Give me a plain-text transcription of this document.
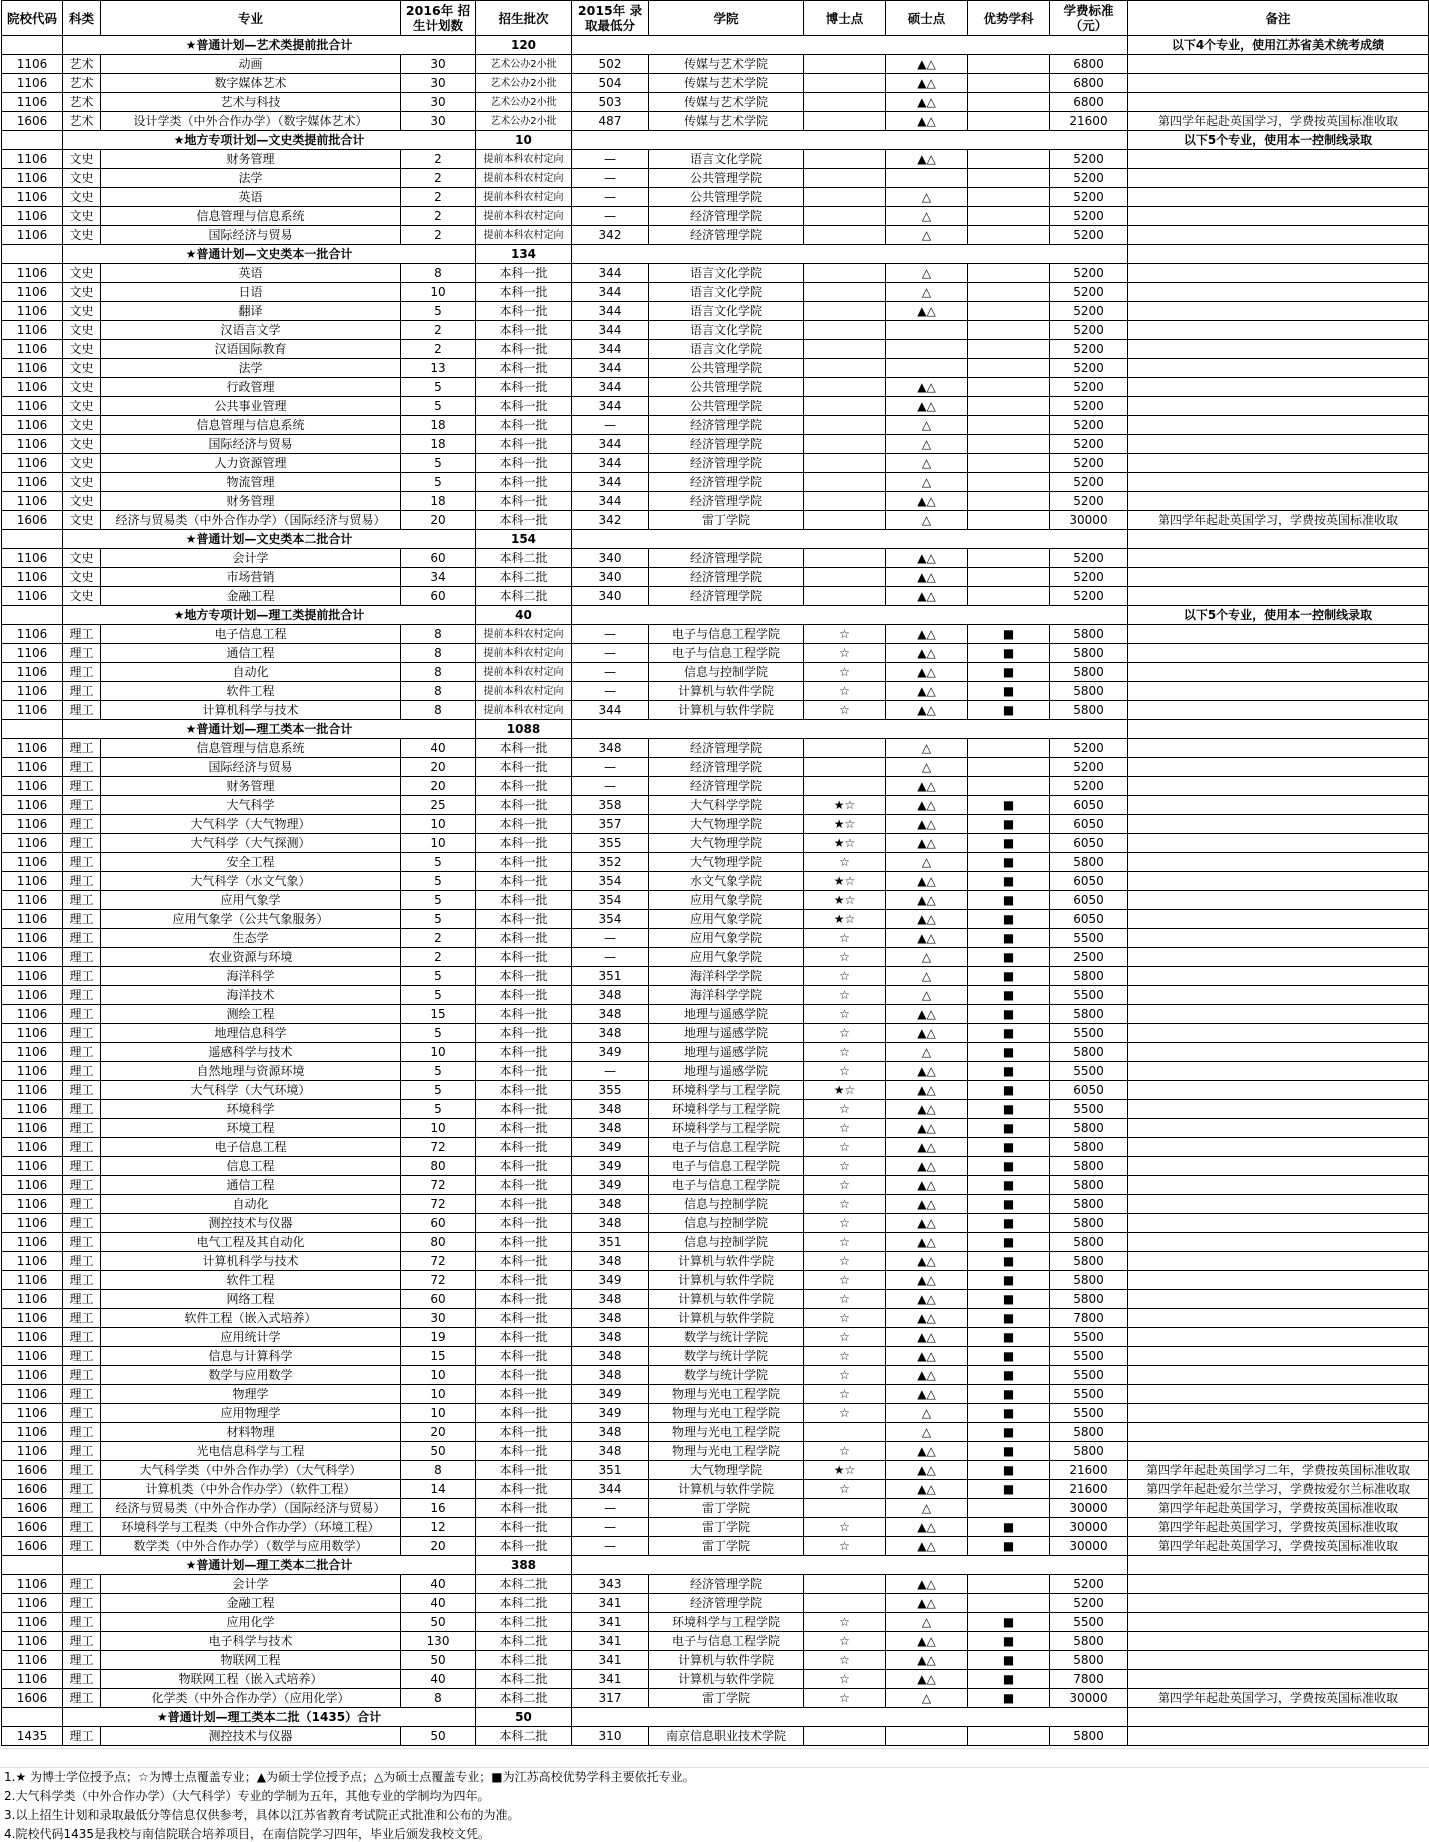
院校代码	科类	专业	2016年 招生计划数	招生批次	2015年 录取最低分	学院	博士点	硕士点	优势学科	学费标准 （元）	备注
	★普通计划—艺术类提前批合计			120							以下4个专业，使用江苏省美术统考成绩
1106	艺术	动画	30	艺术公办2小批	502	传媒与艺术学院		▲△		6800	
1106	艺术	数字媒体艺术	30	艺术公办2小批	504	传媒与艺术学院		▲△		6800	
1106	艺术	艺术与科技	30	艺术公办2小批	503	传媒与艺术学院		▲△		6800	
1606	艺术	设计学类（中外合作办学）（数字媒体艺术）	30	艺术公办2小批	487	传媒与艺术学院		▲△		21600	第四学年起赴英国学习，学费按英国标准收取
	★地方专项计划—文史类提前批合计			10							以下5个专业，使用本一控制线录取
1106	文史	财务管理	2	提前本科农村定向	—	语言文化学院		▲△		5200	
1106	文史	法学	2	提前本科农村定向	—	公共管理学院				5200	
1106	文史	英语	2	提前本科农村定向	—	公共管理学院		△		5200	
1106	文史	信息管理与信息系统	2	提前本科农村定向	—	经济管理学院		△		5200	
1106	文史	国际经济与贸易	2	提前本科农村定向	342	经济管理学院		△		5200	
	★普通计划—文史类本一批合计			134							
1106	文史	英语	8	本科一批	344	语言文化学院		△		5200	
1106	文史	日语	10	本科一批	344	语言文化学院		△		5200	
1106	文史	翻译	5	本科一批	344	语言文化学院		▲△		5200	
1106	文史	汉语言文学	2	本科一批	344	语言文化学院				5200	
1106	文史	汉语国际教育	2	本科一批	344	语言文化学院				5200	
1106	文史	法学	13	本科一批	344	公共管理学院				5200	
1106	文史	行政管理	5	本科一批	344	公共管理学院		▲△		5200	
1106	文史	公共事业管理	5	本科一批	344	公共管理学院		▲△		5200	
1106	文史	信息管理与信息系统	18	本科一批	—	经济管理学院		△		5200	
1106	文史	国际经济与贸易	18	本科一批	344	经济管理学院		△		5200	
1106	文史	人力资源管理	5	本科一批	344	经济管理学院		△		5200	
1106	文史	物流管理	5	本科一批	344	经济管理学院		△		5200	
1106	文史	财务管理	18	本科一批	344	经济管理学院		▲△		5200	
1606	文史	经济与贸易类（中外合作办学）（国际经济与贸易）	20	本科一批	342	雷丁学院		△		30000	第四学年起赴英国学习，学费按英国标准收取
	★普通计划—文史类本二批合计			154							
1106	文史	会计学	60	本科二批	340	经济管理学院		▲△		5200	
1106	文史	市场营销	34	本科二批	340	经济管理学院		▲△		5200	
1106	文史	金融工程	60	本科二批	340	经济管理学院		▲△		5200	
	★地方专项计划—理工类提前批合计			40							以下5个专业，使用本一控制线录取
1106	理工	电子信息工程	8	提前本科农村定向	—	电子与信息工程学院	☆	▲△	■	5800	
1106	理工	通信工程	8	提前本科农村定向	—	电子与信息工程学院	☆	▲△	■	5800	
1106	理工	自动化	8	提前本科农村定向	—	信息与控制学院	☆	▲△	■	5800	
1106	理工	软件工程	8	提前本科农村定向	—	计算机与软件学院	☆	▲△	■	5800	
1106	理工	计算机科学与技术	8	提前本科农村定向	344	计算机与软件学院	☆	▲△	■	5800	
	★普通计划—理工类本一批合计			1088							
1106	理工	信息管理与信息系统	40	本科一批	348	经济管理学院		△		5200	
1106	理工	国际经济与贸易	20	本科一批	—	经济管理学院		△		5200	
1106	理工	财务管理	20	本科一批	—	经济管理学院		▲△		5200	
1106	理工	大气科学	25	本科一批	358	大气科学学院	★☆	▲△	■	6050	
1106	理工	大气科学（大气物理）	10	本科一批	357	大气物理学院	★☆	▲△	■	6050	
1106	理工	大气科学（大气探测）	10	本科一批	355	大气物理学院	★☆	▲△	■	6050	
1106	理工	安全工程	5	本科一批	352	大气物理学院	☆	△	■	5800	
1106	理工	大气科学（水文气象）	5	本科一批	354	水文气象学院	★☆	▲△	■	6050	
1106	理工	应用气象学	5	本科一批	354	应用气象学院	★☆	▲△	■	6050	
1106	理工	应用气象学（公共气象服务）	5	本科一批	354	应用气象学院	★☆	▲△	■	6050	
1106	理工	生态学	2	本科一批	—	应用气象学院	☆	▲△	■	5500	
1106	理工	农业资源与环境	2	本科一批	—	应用气象学院	☆	△	■	2500	
1106	理工	海洋科学	5	本科一批	351	海洋科学学院	☆	△	■	5800	
1106	理工	海洋技术	5	本科一批	348	海洋科学学院	☆	△	■	5500	
1106	理工	测绘工程	15	本科一批	348	地理与遥感学院	☆	▲△	■	5800	
1106	理工	地理信息科学	5	本科一批	348	地理与遥感学院	☆	▲△	■	5500	
1106	理工	遥感科学与技术	10	本科一批	349	地理与遥感学院	☆	△	■	5800	
1106	理工	自然地理与资源环境	5	本科一批	—	地理与遥感学院	☆	▲△	■	5500	
1106	理工	大气科学（大气环境）	5	本科一批	355	环境科学与工程学院	★☆	▲△	■	6050	
1106	理工	环境科学	5	本科一批	348	环境科学与工程学院	☆	▲△	■	5500	
1106	理工	环境工程	10	本科一批	348	环境科学与工程学院	☆	▲△	■	5800	
1106	理工	电子信息工程	72	本科一批	349	电子与信息工程学院	☆	▲△	■	5800	
1106	理工	信息工程	80	本科一批	349	电子与信息工程学院	☆	▲△	■	5800	
1106	理工	通信工程	72	本科一批	349	电子与信息工程学院	☆	▲△	■	5800	
1106	理工	自动化	72	本科一批	348	信息与控制学院	☆	▲△	■	5800	
1106	理工	测控技术与仪器	60	本科一批	348	信息与控制学院	☆	▲△	■	5800	
1106	理工	电气工程及其自动化	80	本科一批	351	信息与控制学院	☆	▲△	■	5800	
1106	理工	计算机科学与技术	72	本科一批	348	计算机与软件学院	☆	▲△	■	5800	
1106	理工	软件工程	72	本科一批	349	计算机与软件学院	☆	▲△	■	5800	
1106	理工	网络工程	60	本科一批	348	计算机与软件学院	☆	▲△	■	5800	
1106	理工	软件工程（嵌入式培养）	30	本科一批	348	计算机与软件学院	☆	▲△	■	7800	
1106	理工	应用统计学	19	本科一批	348	数学与统计学院	☆	▲△	■	5500	
1106	理工	信息与计算科学	15	本科一批	348	数学与统计学院	☆	▲△	■	5500	
1106	理工	数学与应用数学	10	本科一批	348	数学与统计学院	☆	▲△	■	5500	
1106	理工	物理学	10	本科一批	349	物理与光电工程学院	☆	▲△	■	5500	
1106	理工	应用物理学	10	本科一批	349	物理与光电工程学院	☆	△	■	5500	
1106	理工	材料物理	20	本科一批	348	物理与光电工程学院		△	■	5800	
1106	理工	光电信息科学与工程	50	本科一批	348	物理与光电工程学院	☆	▲△	■	5800	
1606	理工	大气科学类（中外合作办学）（大气科学）	8	本科一批	351	大气物理学院	★☆	▲△	■	21600	第四学年起赴英国学习二年，学费按英国标准收取
1606	理工	计算机类（中外合作办学）（软件工程）	14	本科一批	344	计算机与软件学院	☆	▲△	■	21600	第四学年起赴爱尔兰学习，学费按爱尔兰标准收取
1606	理工	经济与贸易类（中外合作办学）（国际经济与贸易）	16	本科一批	—	雷丁学院		△		30000	第四学年起赴英国学习，学费按英国标准收取
1606	理工	环境科学与工程类（中外合作办学）（环境工程）	12	本科一批	—	雷丁学院	☆	▲△	■	30000	第四学年起赴英国学习，学费按英国标准收取
1606	理工	数学类（中外合作办学）（数学与应用数学）	20	本科一批	—	雷丁学院	☆	▲△	■	30000	第四学年起赴英国学习，学费按英国标准收取
	★普通计划—理工类本二批合计			388							
1106	理工	会计学	40	本科二批	343	经济管理学院		▲△		5200	
1106	理工	金融工程	40	本科二批	341	经济管理学院		▲△		5200	
1106	理工	应用化学	50	本科二批	341	环境科学与工程学院	☆	△	■	5500	
1106	理工	电子科学与技术	130	本科二批	341	电子与信息工程学院	☆	▲△	■	5800	
1106	理工	物联网工程	50	本科二批	341	计算机与软件学院	☆	▲△	■	5800	
1106	理工	物联网工程（嵌入式培养）	40	本科二批	341	计算机与软件学院	☆	▲△	■	7800	
1606	理工	化学类（中外合作办学）（应用化学）	8	本科二批	317	雷丁学院	☆	△	■	30000	第四学年起赴英国学习，学费按英国标准收取
	★普通计划—理工类本二批（1435）合计			50							
1435	理工	测控技术与仪器	50	本科二批	310	南京信息职业技术学院				5800	
1.★ 为博士学位授予点；☆为博士点覆盖专业；▲为硕士学位授予点；△为硕士点覆盖专业；■为江苏高校优势学科主要依托专业。
2.大气科学类（中外合作办学）（大气科学）专业的学制为五年，其他专业的学制均为四年。
3.以上招生计划和录取最低分等信息仅供参考，具体以江苏省教育考试院正式批准和公布的为准。
4.院校代码1435是我校与南信院联合培养项目，在南信院学习四年，毕业后颁发我校文凭。
